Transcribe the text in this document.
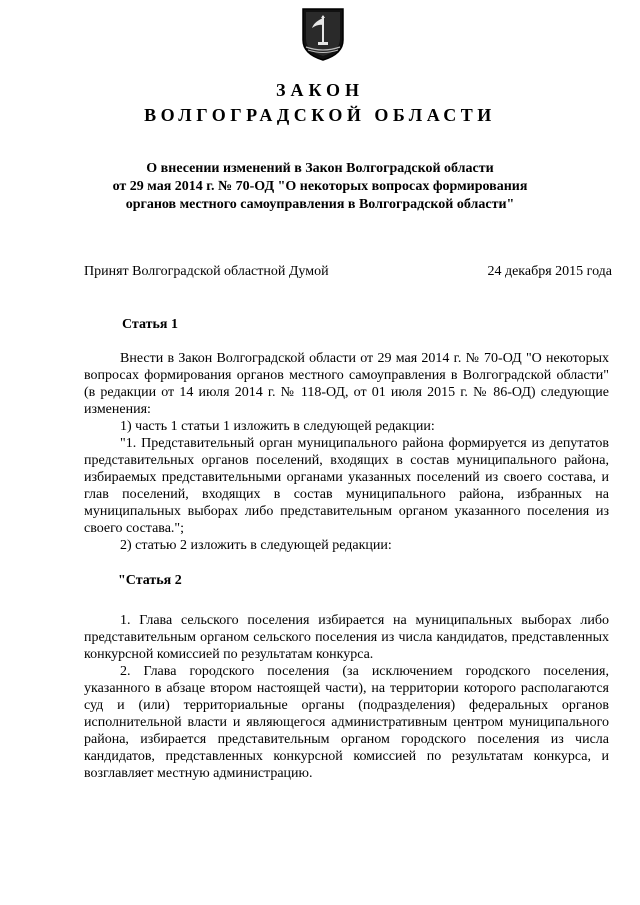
ЗАКОН
ВОЛГОГРАДСКОЙ ОБЛАСТИ
О внесении изменений в Закон Волгоградской области
от 29 мая 2014 г. № 70-ОД "О некоторых вопросах формирования
органов местного самоуправления в Волгоградской области"
Принят Волгоградской областной Думой	24 декабря 2015 года
Статья 1

Внести в Закон Волгоградской области от 29 мая 2014 г. № 70-ОД "О некоторых вопросах формирования органов местного самоуправления в Волгоградской области" (в редакции от 14 июля 2014 г. № 118-ОД, от 01 июля 2015 г. № 86-ОД) следующие изменения:

1) часть 1 статьи 1 изложить в следующей редакции:

"1. Представительный орган муниципального района формируется из депутатов представительных органов поселений, входящих в состав муниципального района, избираемых представительными органами указанных поселений из своего состава, и глав поселений, входящих в состав муниципального района, избранных на муниципальных выборах либо представительным органом указанного поселения из своего состава.";

2) статью 2 изложить в следующей редакции:

"Статья 2

1. Глава сельского поселения избирается на муниципальных выборах либо представительным органом сельского поселения из числа кандидатов, представленных конкурсной комиссией по результатам конкурса.

2. Глава городского поселения (за исключением городского поселения, указанного в абзаце втором настоящей части), на территории которого располагаются суд и (или) территориальные органы (подразделения) федеральных органов исполнительной власти и являющегося административным центром муниципального района, избирается представительным органом городского поселения из числа кандидатов, представленных конкурсной комиссией по результатам конкурса, и возглавляет местную администрацию.
